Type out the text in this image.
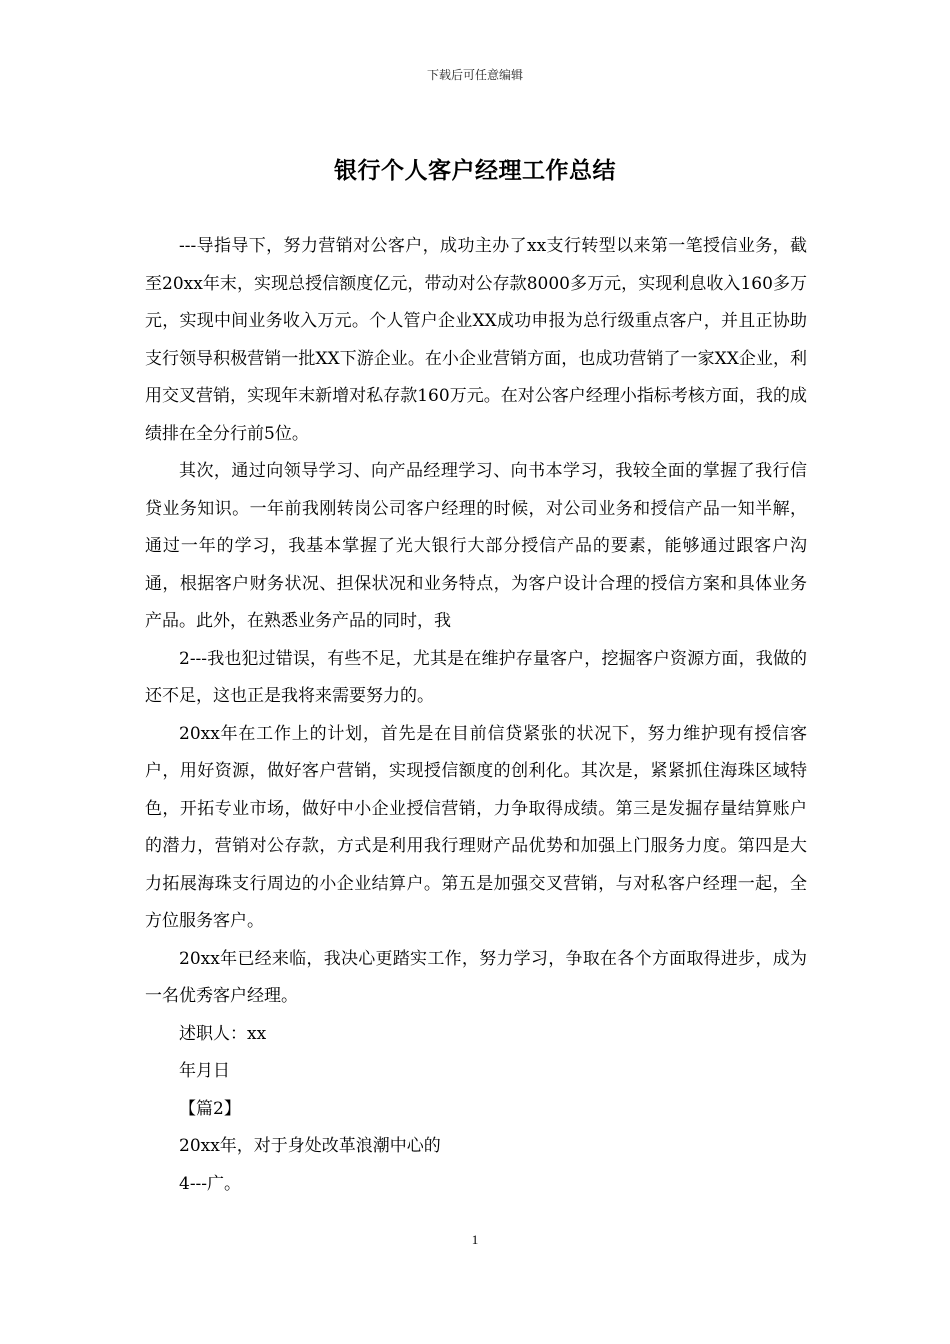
下载后可任意编辑
银行个人客户经理工作总结

---导指导下，努力营销对公客户，成功主办了xx支行转型以来第一笔授信业务，截至20xx年末，实现总授信额度亿元，带动对公存款8000多万元，实现利息收入160多万元，实现中间业务收入万元。个人管户企业XX成功申报为总行级重点客户，并且正协助支行领导积极营销一批XX下游企业。在小企业营销方面，也成功营销了一家XX企业，利用交叉营销，实现年末新增对私存款160万元。在对公客户经理小指标考核方面，我的成绩排在全分行前5位。

其次，通过向领导学习、向产品经理学习、向书本学习，我较全面的掌握了我行信贷业务知识。一年前我刚转岗公司客户经理的时候，对公司业务和授信产品一知半解，通过一年的学习，我基本掌握了光大银行大部分授信产品的要素，能够通过跟客户沟通，根据客户财务状况、担保状况和业务特点，为客户设计合理的授信方案和具体业务产品。此外，在熟悉业务产品的同时，我

2---我也犯过错误，有些不足，尤其是在维护存量客户，挖掘客户资源方面，我做的还不足，这也正是我将来需要努力的。

20xx年在工作上的计划，首先是在目前信贷紧张的状况下，努力维护现有授信客户，用好资源，做好客户营销，实现授信额度的创利化。其次是，紧紧抓住海珠区域特色，开拓专业市场，做好中小企业授信营销，力争取得成绩。第三是发掘存量结算账户的潜力，营销对公存款，方式是利用我行理财产品优势和加强上门服务力度。第四是大力拓展海珠支行周边的小企业结算户。第五是加强交叉营销，与对私客户经理一起，全方位服务客户。

20xx年已经来临，我决心更踏实工作，努力学习，争取在各个方面取得进步，成为一名优秀客户经理。

述职人：xx

年月日

【篇2】

20xx年，对于身处改革浪潮中心的

4---广。

1
